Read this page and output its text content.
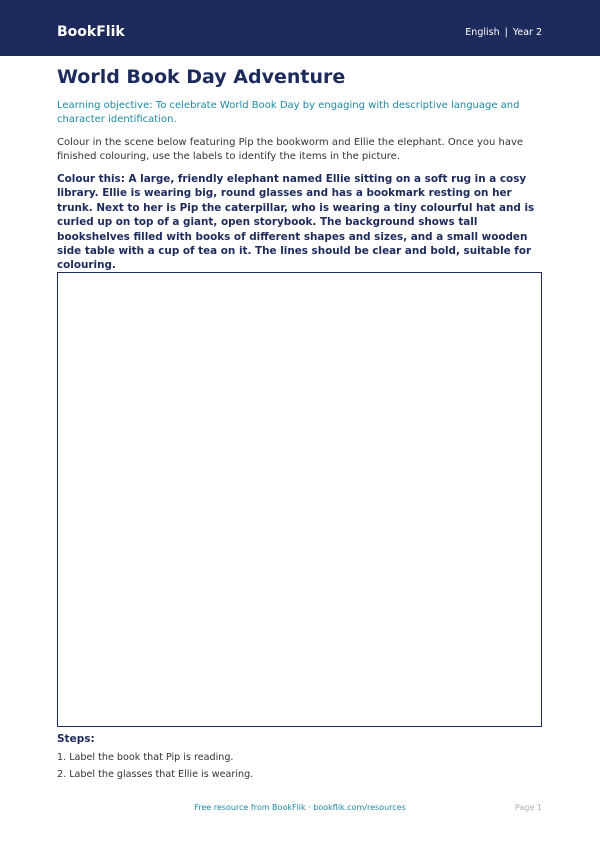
BookFlik	English | Year 2
World Book Day Adventure

Learning objective: To celebrate World Book Day by engaging with descriptive language and character identification.

Colour in the scene below featuring Pip the bookworm and Ellie the elephant. Once you have finished colouring, use the labels to identify the items in the picture.

Colour this: A large, friendly elephant named Ellie sitting on a soft rug in a cosy library. Ellie is wearing big, round glasses and has a bookmark resting on her trunk. Next to her is Pip the caterpillar, who is wearing a tiny colourful hat and is curled up on top of a giant, open storybook. The background shows tall bookshelves filled with books of different shapes and sizes, and a small wooden side table with a cup of tea on it. The lines should be clear and bold, suitable for colouring.

Steps:
1. Label the book that Pip is reading.
2. Label the glasses that Ellie is wearing.
Free resource from BookFlik · bookflik.com/resources	Page 1
